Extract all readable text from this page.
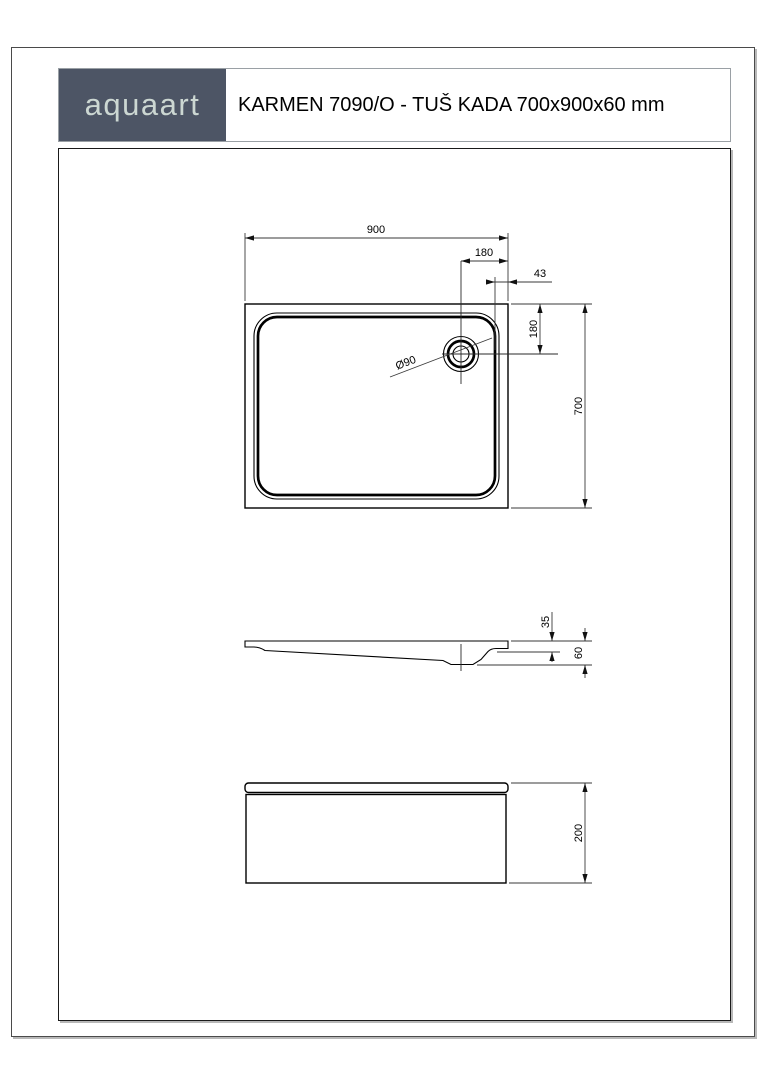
aquaart KARMEN 7090/O - TUŠ KADA 700x900x60 mm
Ø90
900
180
43
180
700
35
60
200
